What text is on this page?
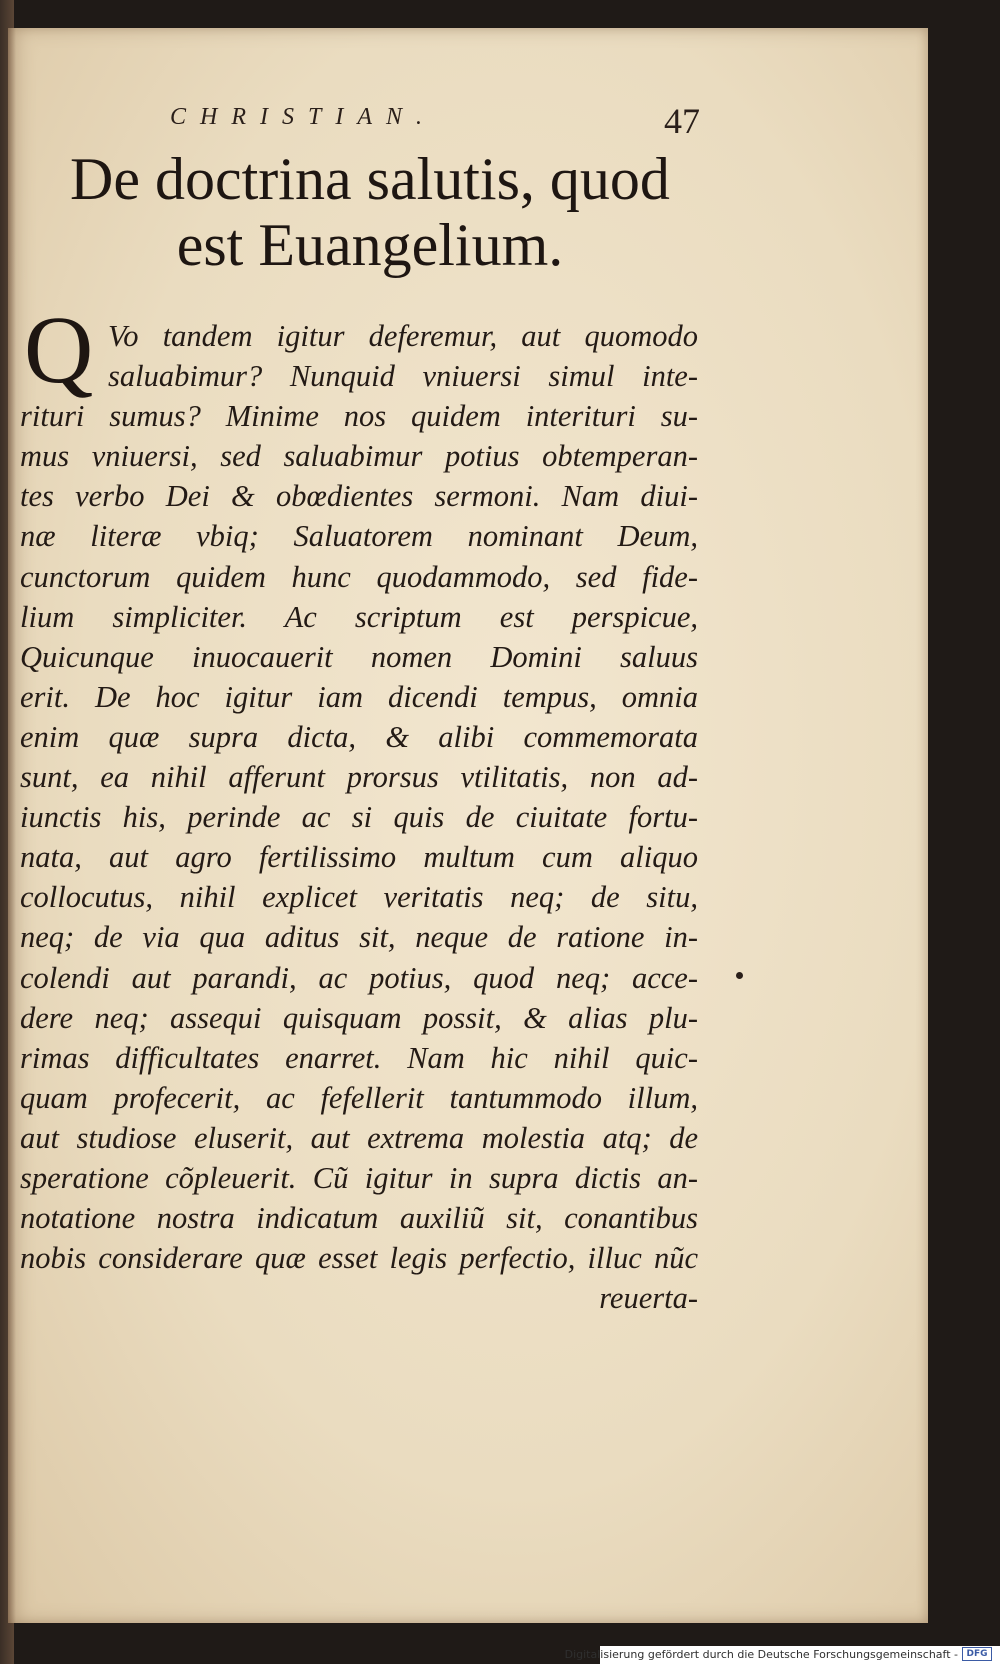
CHRISTIAN.	47
De doctrina salutis, quod
est Euangelium.
Q Vo tandem igitur deferemur, aut quomodo
saluabimur? Nunquid vniuersi simul inte-
rituri sumus? Minime nos quidem interituri su-
mus vniuersi, sed saluabimur potius obtemperan-
tes verbo Dei & obœdientes sermoni. Nam diui-
næ literæ vbiq; Saluatorem nominant Deum,
cunctorum quidem hunc quodammodo, sed fide-
lium simpliciter. Ac scriptum est perspicue,
Quicunque inuocauerit nomen Domini saluus
erit. De hoc igitur iam dicendi tempus, omnia
enim quæ supra dicta, & alibi commemorata
sunt, ea nihil afferunt prorsus vtilitatis, non ad-
iunctis his, perinde ac si quis de ciuitate fortu-
nata, aut agro fertilissimo multum cum aliquo
collocutus, nihil explicet veritatis neq; de situ,
neq; de via qua aditus sit, neque de ratione in-
colendi aut parandi, ac potius, quod neq; acce-
dere neq; assequi quisquam possit, & alias plu-
rimas difficultates enarret. Nam hic nihil quic-
quam profecerit, ac fefellerit tantummodo illum,
aut studiose eluserit, aut extrema molestia atq; de
speratione cõpleuerit. Cũ igitur in supra dictis an-
notatione nostra indicatum auxiliũ sit, conantibus
nobis considerare quæ esset legis perfectio, illuc nũc
reuerta-
Digitalisierung gefördert durch die Deutsche Forschungsgemeinschaft - DFG
